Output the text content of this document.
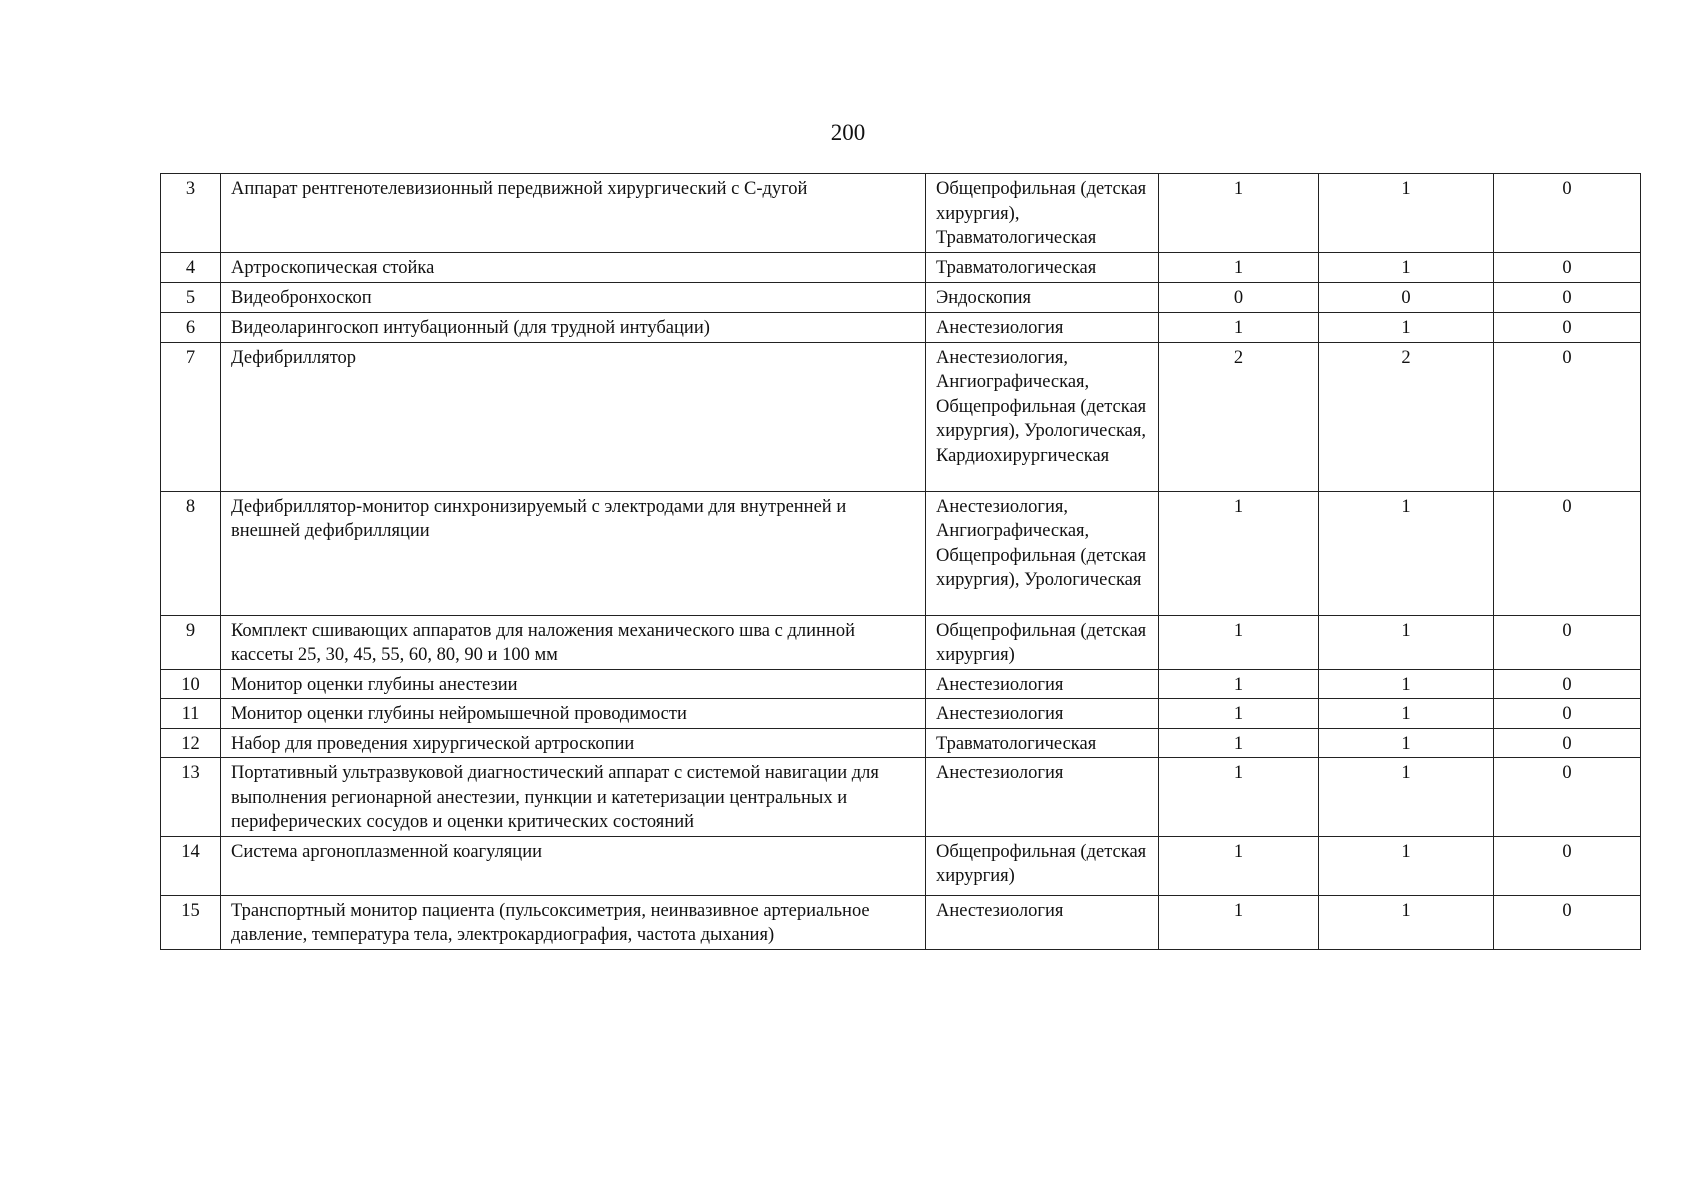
200
3	Аппарат рентгенотелевизионный передвижной хирургический с С-дугой	Общепрофильная (детская хирургия), Травматологическая	1	1	0
4	Артроскопическая стойка	Травматологическая	1	1	0
5	Видеобронхоскоп	Эндоскопия	0	0	0
6	Видеоларингоскоп интубационный (для трудной интубации)	Анестезиология	1	1	0
7	Дефибриллятор	Анестезиология, Ангиографическая, Общепрофильная (детская хирургия), Урологическая, Кардиохирургическая	2	2	0
8	Дефибриллятор-монитор синхронизируемый с электродами для внутренней и внешней дефибрилляции	Анестезиология, Ангиографическая, Общепрофильная (детская хирургия), Урологическая	1	1	0
9	Комплект сшивающих аппаратов для наложения механического шва с длинной кассеты 25, 30, 45, 55, 60, 80, 90 и 100 мм	Общепрофильная (детская хирургия)	1	1	0
10	Монитор оценки глубины анестезии	Анестезиология	1	1	0
11	Монитор оценки глубины нейромышечной проводимости	Анестезиология	1	1	0
12	Набор для проведения хирургической артроскопии	Травматологическая	1	1	0
13	Портативный ультразвуковой диагностический аппарат с системой навигации для выполнения регионарной анестезии, пункции и катетеризации центральных и периферических сосудов и оценки критических состояний	Анестезиология	1	1	0
14	Система аргоноплазменной коагуляции	Общепрофильная (детская хирургия)	1	1	0
15	Транспортный монитор пациента (пульсоксиметрия, неинвазивное артериальное давление, температура тела, электрокардиография, частота дыхания)	Анестезиология	1	1	0
